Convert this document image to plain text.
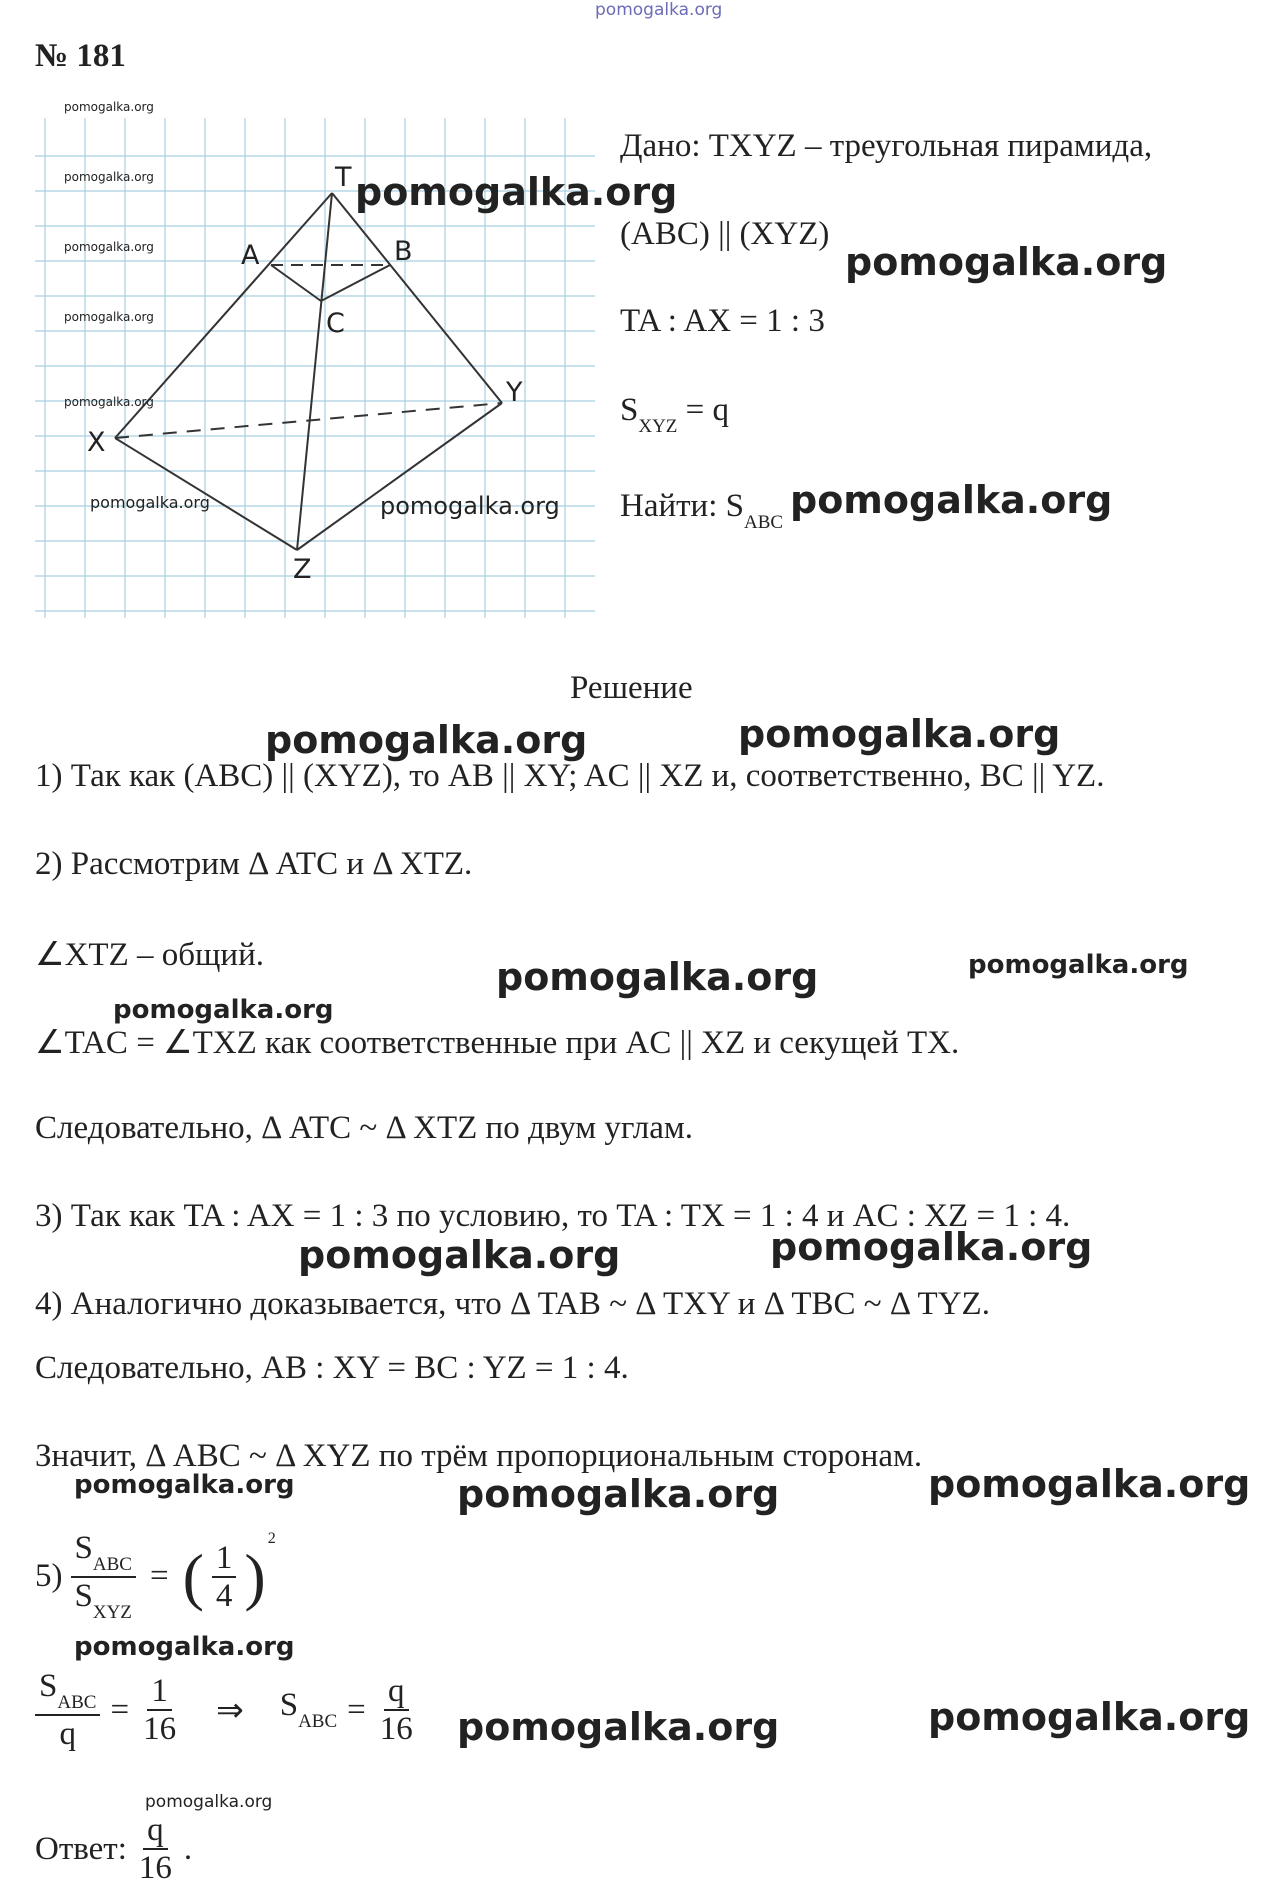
pomogalka.org
№ 181
T
A	B
C
X
Y
Z
pomogalka.org
pomogalka.org
pomogalka.org
pomogalka.org
pomogalka.org
pomogalka.org	pomogalka.org
pomogalka.org
Дано: TXYZ – треугольная пирамида,
(ABC) || (XYZ)
pomogalka.org
TA : AX = 1 : 3
$S_{XYZ} = q$
Найти: $S_{ABC}$
pomogalka.org
Решение
pomogalka.org	pomogalka.org
1) Так как (ABC) || (XYZ), то AB || XY; AC || XZ и, соответственно, BC || YZ.
2) Рассмотрим Δ ATC и Δ XTZ.
∠XTZ – общий.	pomogalka.org	pomogalka.org
pomogalka.org
∠TAC = ∠TXZ как соответственные при AC || XZ и секущей TX.
Следовательно, Δ ATC ~ Δ XTZ по двум углам.
3) Так как TA : AX = 1 : 3 по условию, то TA : TX = 1 : 4 и AC : XZ = 1 : 4.
pomogalka.org	pomogalka.org
4) Аналогично доказывается, что Δ TAB ~ Δ TXY и Δ TBC ~ Δ TYZ.
Следовательно, AB : XY = BC : YZ = 1 : 4.
Значит, Δ ABC ~ Δ XYZ по трём пропорциональным сторонам.
pomogalka.org	pomogalka.org	pomogalka.org
$5) \frac{S_{ABC}}{S_{XYZ}}$ = ( $\frac{1}{4}$ )
2
pomogalka.org
$\frac{S_{ABC}}{q} = \frac{1}{16}$ ⇒ $S_{ABC} = \frac{q}{16}$ pomogalka.org	pomogalka.org
pomogalka.org
Ответ: $\frac{q}{16}$ .
